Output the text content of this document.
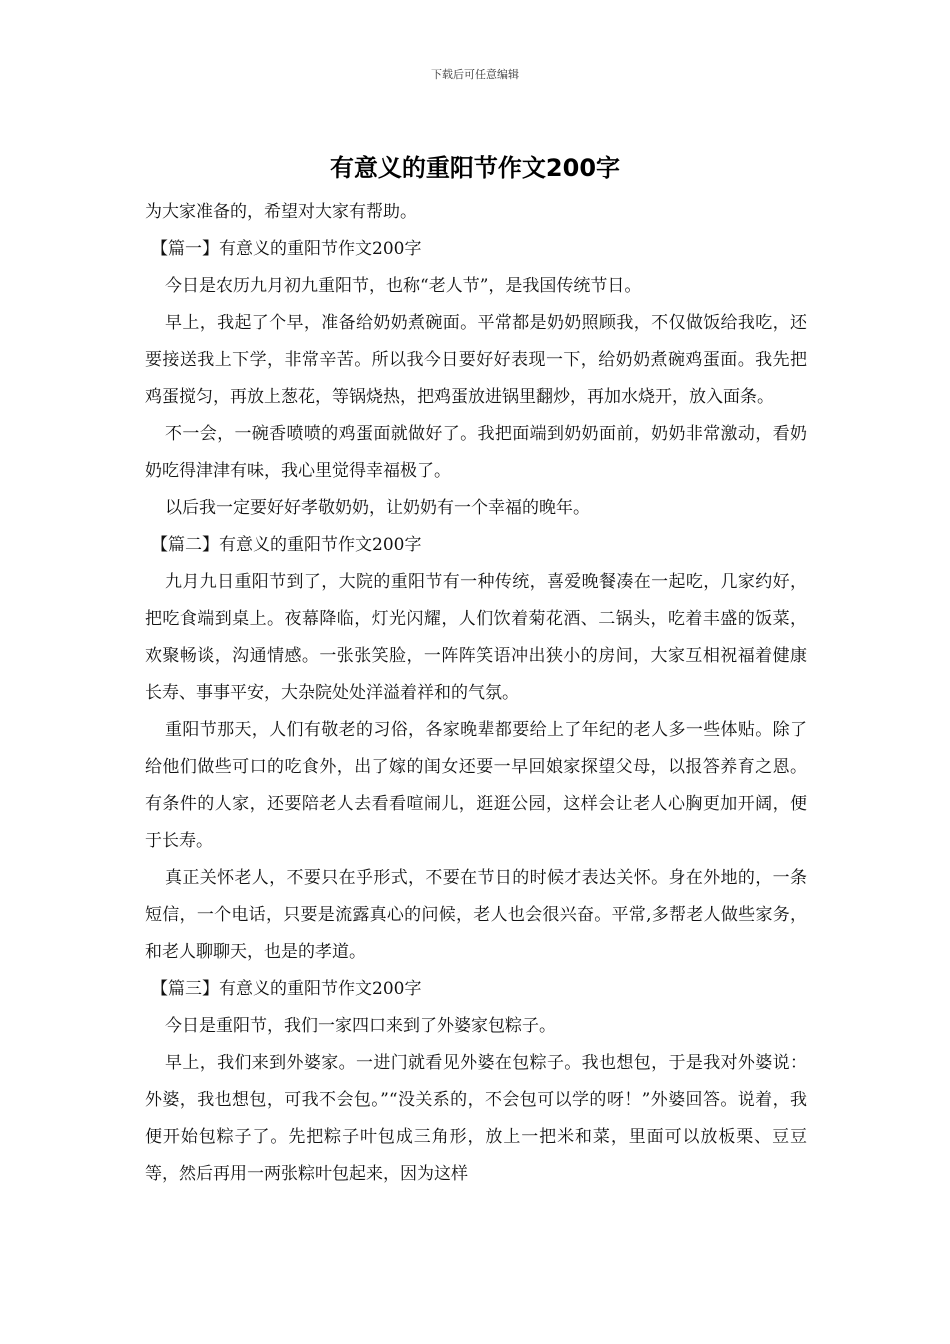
下载后可任意编辑
有意义的重阳节作文200字

为大家准备的，希望对大家有帮助。

【篇一】有意义的重阳节作文200字

今日是农历九月初九重阳节，也称“老人节”，是我国传统节日。

早上，我起了个早，准备给奶奶煮碗面。平常都是奶奶照顾我，不仅做饭给我吃，还要接送我上下学，非常辛苦。所以我今日要好好表现一下，给奶奶煮碗鸡蛋面。我先把鸡蛋搅匀，再放上葱花，等锅烧热，把鸡蛋放进锅里翻炒，再加水烧开，放入面条。

不一会，一碗香喷喷的鸡蛋面就做好了。我把面端到奶奶面前，奶奶非常激动，看奶奶吃得津津有味，我心里觉得幸福极了。

以后我一定要好好孝敬奶奶，让奶奶有一个幸福的晚年。

【篇二】有意义的重阳节作文200字

九月九日重阳节到了，大院的重阳节有一种传统，喜爱晚餐凑在一起吃，几家约好，把吃食端到桌上。夜幕降临，灯光闪耀，人们饮着菊花酒、二锅头，吃着丰盛的饭菜，欢聚畅谈，沟通情感。一张张笑脸，一阵阵笑语冲出狭小的房间，大家互相祝福着健康长寿、事事平安，大杂院处处洋溢着祥和的气氛。

重阳节那天，人们有敬老的习俗，各家晚辈都要给上了年纪的老人多一些体贴。除了给他们做些可口的吃食外，出了嫁的闺女还要一早回娘家探望父母，以报答养育之恩。有条件的人家，还要陪老人去看看喧闹儿，逛逛公园，这样会让老人心胸更加开阔，便于长寿。

真正关怀老人，不要只在乎形式，不要在节日的时候才表达关怀。身在外地的，一条短信，一个电话，只要是流露真心的问候，老人也会很兴奋。平常,多帮老人做些家务，和老人聊聊天，也是的孝道。

【篇三】有意义的重阳节作文200字

今日是重阳节，我们一家四口来到了外婆家包粽子。

早上，我们来到外婆家。一进门就看见外婆在包粽子。我也想包，于是我对外婆说：外婆，我也想包，可我不会包。”“没关系的，不会包可以学的呀！”外婆回答。说着，我便开始包粽子了。先把粽子叶包成三角形，放上一把米和菜，里面可以放板栗、豆豆等，然后再用一两张粽叶包起来，因为这样
